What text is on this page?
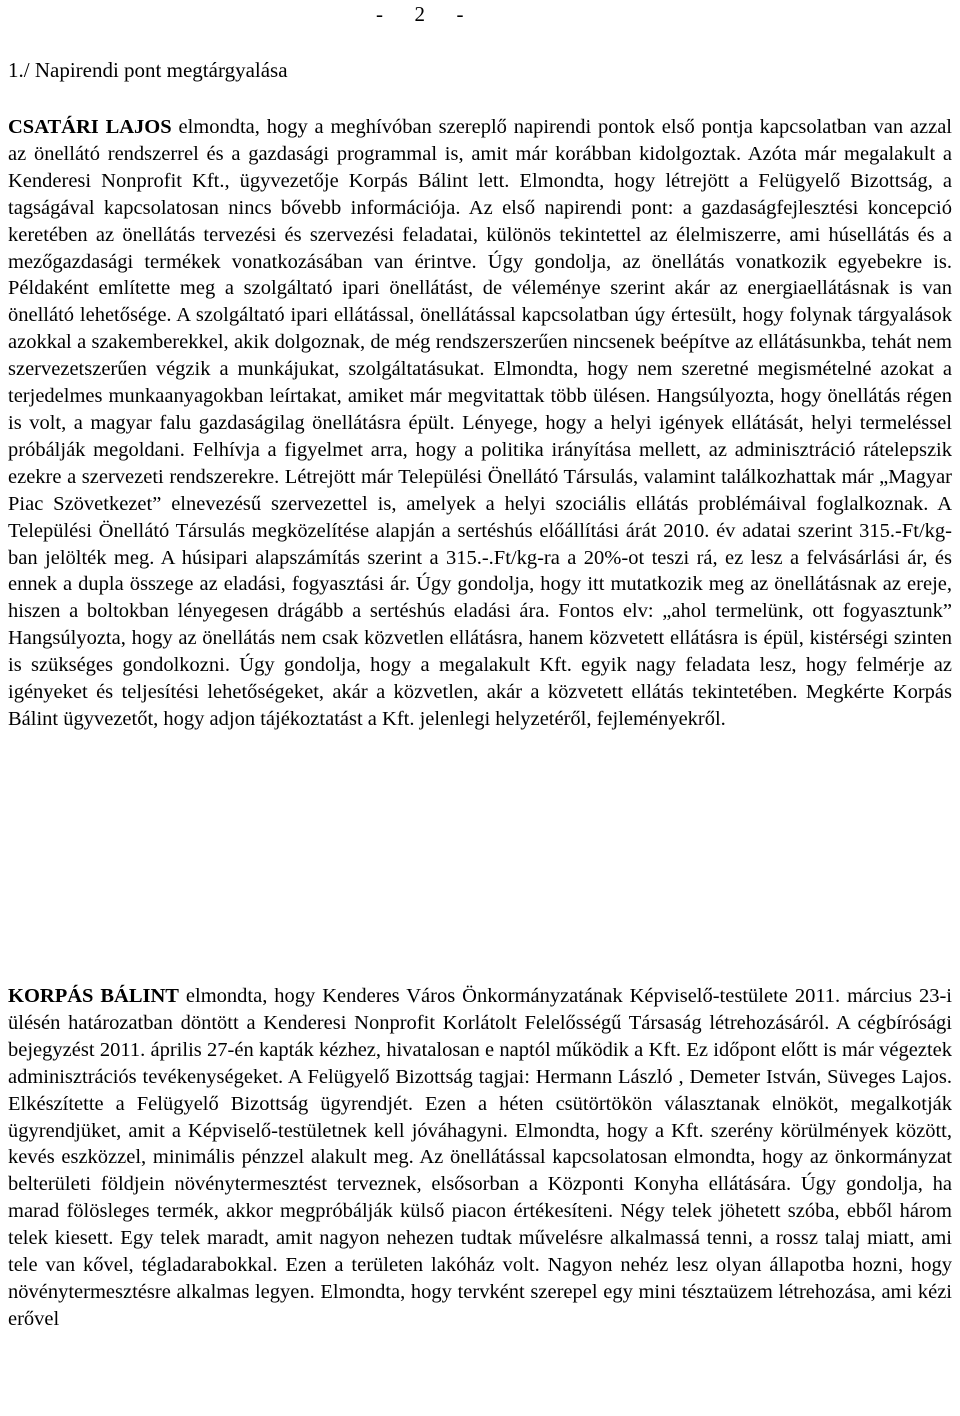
-      2      -
1./ Napirendi pont megtárgyalása

CSATÁRI LAJOS elmondta, hogy a meghívóban szereplő napirendi pontok első pontja kapcsolatban van azzal az önellátó rendszerrel és a gazdasági programmal is, amit már korábban kidolgoztak. Azóta már megalakult a Kenderesi Nonprofit Kft., ügyvezetője Korpás Bálint lett. Elmondta, hogy létrejött a Felügyelő Bizottság, a tagságával kapcsolatosan nincs bővebb információja. Az első napirendi pont: a gazdaságfejlesztési koncepció keretében az önellátás tervezési és szervezési feladatai, különös tekintettel az élelmiszerre, ami húsellátás és a mezőgazdasági termékek vonatkozásában van érintve. Úgy gondolja, az önellátás vonatkozik egyebekre is. Példaként említette meg a szolgáltató ipari önellátást, de véleménye szerint akár az energiaellátásnak is van önellátó lehetősége. A szolgáltató ipari ellátással, önellátással kapcsolatban úgy értesült, hogy folynak tárgyalások azokkal a szakemberekkel, akik dolgoznak, de még rendszerszerűen nincsenek beépítve az ellátásunkba, tehát nem szervezetszerűen végzik a munkájukat, szolgáltatásukat. Elmondta, hogy nem szeretné megismételné azokat a terjedelmes munkaanyagokban leírtakat, amiket már megvitattak több ülésen. Hangsúlyozta, hogy önellátás régen is volt, a magyar falu gazdaságilag önellátásra épült. Lényege, hogy a helyi igények ellátását, helyi termeléssel próbálják megoldani. Felhívja a figyelmet arra, hogy a politika irányítása mellett, az adminisztráció rátelepszik ezekre a szervezeti rendszerekre. Létrejött már Települési Önellátó Társulás, valamint találkozhattak már „Magyar Piac Szövetkezet” elnevezésű szervezettel is, amelyek a helyi szociális ellátás problémáival foglalkoznak. A Települési Önellátó Társulás megközelítése alapján a sertéshús előállítási árát 2010. év adatai szerint 315.-Ft/kg-ban jelölték meg. A húsipari alapszámítás szerint a 315.-.Ft/kg-ra a 20%-ot teszi rá, ez lesz a felvásárlási ár, és ennek a dupla összege az eladási, fogyasztási ár. Úgy gondolja, hogy itt mutatkozik meg az önellátásnak az ereje, hiszen a boltokban lényegesen drágább a sertéshús eladási ára. Fontos elv: „ahol termelünk, ott fogyasztunk” Hangsúlyozta, hogy az önellátás nem csak közvetlen ellátásra, hanem közvetett ellátásra is épül, kistérségi szinten is szükséges gondolkozni. Úgy gondolja, hogy a megalakult Kft. egyik nagy feladata lesz, hogy felmérje az igényeket és teljesítési lehetőségeket, akár a közvetlen, akár a közvetett ellátás tekintetében. Megkérte Korpás Bálint ügyvezetőt, hogy adjon tájékoztatást a Kft. jelenlegi helyzetéről, fejleményekről.

KORPÁS BÁLINT elmondta, hogy Kenderes Város Önkormányzatának Képviselő-testülete 2011. március 23-i ülésén határozatban döntött a Kenderesi Nonprofit Korlátolt Felelősségű Társaság létrehozásáról. A cégbírósági bejegyzést 2011. április 27-én kapták kézhez, hivatalosan e naptól működik a Kft. Ez időpont előtt is már végeztek adminisztrációs tevékenységeket. A Felügyelő Bizottság tagjai: Hermann László , Demeter István, Süveges Lajos. Elkészítette a Felügyelő Bizottság ügyrendjét. Ezen a héten csütörtökön választanak elnököt, megalkotják ügyrendjüket, amit a Képviselő-testületnek kell jóváhagyni. Elmondta, hogy a Kft. szerény körülmények között, kevés eszközzel, minimális pénzzel alakult meg. Az önellátással kapcsolatosan elmondta, hogy az önkormányzat belterületi földjein növénytermesztést terveznek, elsősorban a Központi Konyha ellátására. Úgy gondolja, ha marad fölösleges termék, akkor megpróbálják külső piacon értékesíteni. Négy telek jöhetett szóba, ebből három telek kiesett. Egy telek maradt, amit nagyon nehezen tudtak művelésre alkalmassá tenni, a rossz talaj miatt, ami tele van kővel, tégladarabokkal. Ezen a területen lakóház volt. Nagyon nehéz lesz olyan állapotba hozni, hogy növénytermesztésre alkalmas legyen. Elmondta, hogy tervként szerepel egy mini tésztaüzem létrehozása, ami kézi erővel
